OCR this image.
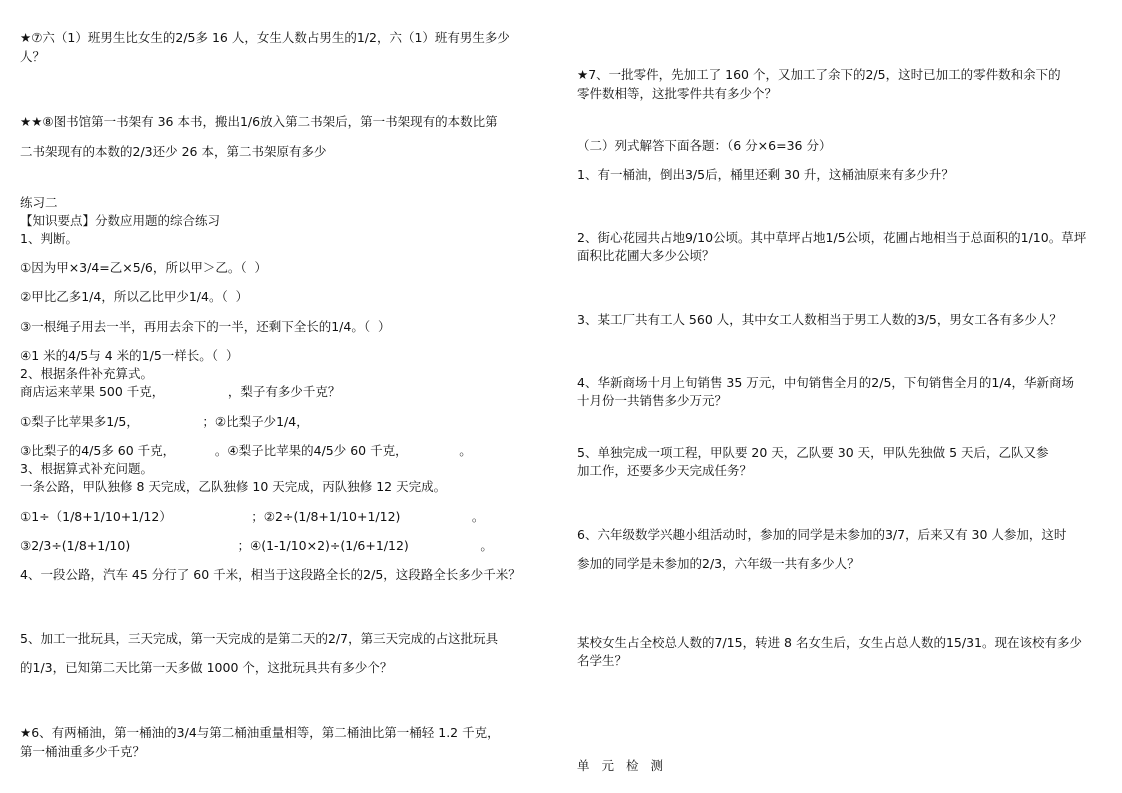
★⑦六（1）班男生比女生的2/5多 16 人，女生人数占男生的1/2，六（1）班有男生多少
人？
★★⑧图书馆第一书架有 36 本书，搬出1/6放入第二书架后，第一书架现有的本数比第
二书架现有的本数的2/3还少 26 本，第二书架原有多少
练习二
【知识要点】分数应用题的综合练习
1、判断。
①因为甲×3/4=乙×5/6，所以甲＞乙。（  ）
②甲比乙多1/4，所以乙比甲少1/4。（  ）
③一根绳子用去一半，再用去余下的一半，还剩下全长的1/4。（  ）
④1 米的4/5与 4 米的1/5一样长。（  ）
2、根据条件补充算式。
商店运来苹果 500 千克，                ，梨子有多少千克？
①梨子比苹果多1/5，                ；②比梨子少1/4，
③比梨子的4/5多 60 千克，          。④梨子比苹果的4/5少 60 千克，             。
3、根据算式补充问题。
一条公路，甲队独修 8 天完成，乙队独修 10 天完成，丙队独修 12 天完成。
①1÷（1/8+1/10+1/12）                    ；②2÷(1/8+1/10+1/12)                  。
③2/3÷(1/8+1/10)                           ；④(1-1/10×2)÷(1/6+1/12)                  。
4、一段公路，汽车 45 分行了 60 千米，相当于这段路全长的2/5，这段路全长多少千米？
5、加工一批玩具，三天完成，第一天完成的是第二天的2/7，第三天完成的占这批玩具
的1/3，已知第二天比第一天多做 1000 个，这批玩具共有多少个？
★6、有两桶油，第一桶油的3/4与第二桶油重量相等，第二桶油比第一桶轻 1.2 千克，
第一桶油重多少千克？
★7、一批零件，先加工了 160 个，又加工了余下的2/5，这时已加工的零件数和余下的
零件数相等，这批零件共有多少个？
（二）列式解答下面各题：（6 分×6=36 分）
1、有一桶油，倒出3/5后，桶里还剩 30 升，这桶油原来有多少升？
2、街心花园共占地9/10公顷。其中草坪占地1/5公顷，花圃占地相当于总面积的1/10。草坪
面积比花圃大多少公顷？
3、某工厂共有工人 560 人，其中女工人数相当于男工人数的3/5，男女工各有多少人？
4、华新商场十月上旬销售 35 万元，中旬销售全月的2/5，下旬销售全月的1/4，华新商场
十月份一共销售多少万元？
5、单独完成一项工程，甲队要 20 天，乙队要 30 天，甲队先独做 5 天后，乙队又参
加工作，还要多少天完成任务？
6、六年级数学兴趣小组活动时，参加的同学是未参加的3/7，后来又有 30 人参加，这时
参加的同学是未参加的2/3，六年级一共有多少人？
某校女生占全校总人数的7/15，转进 8 名女生后，女生占总人数的15/31。现在该校有多少
名学生？
单元检测
